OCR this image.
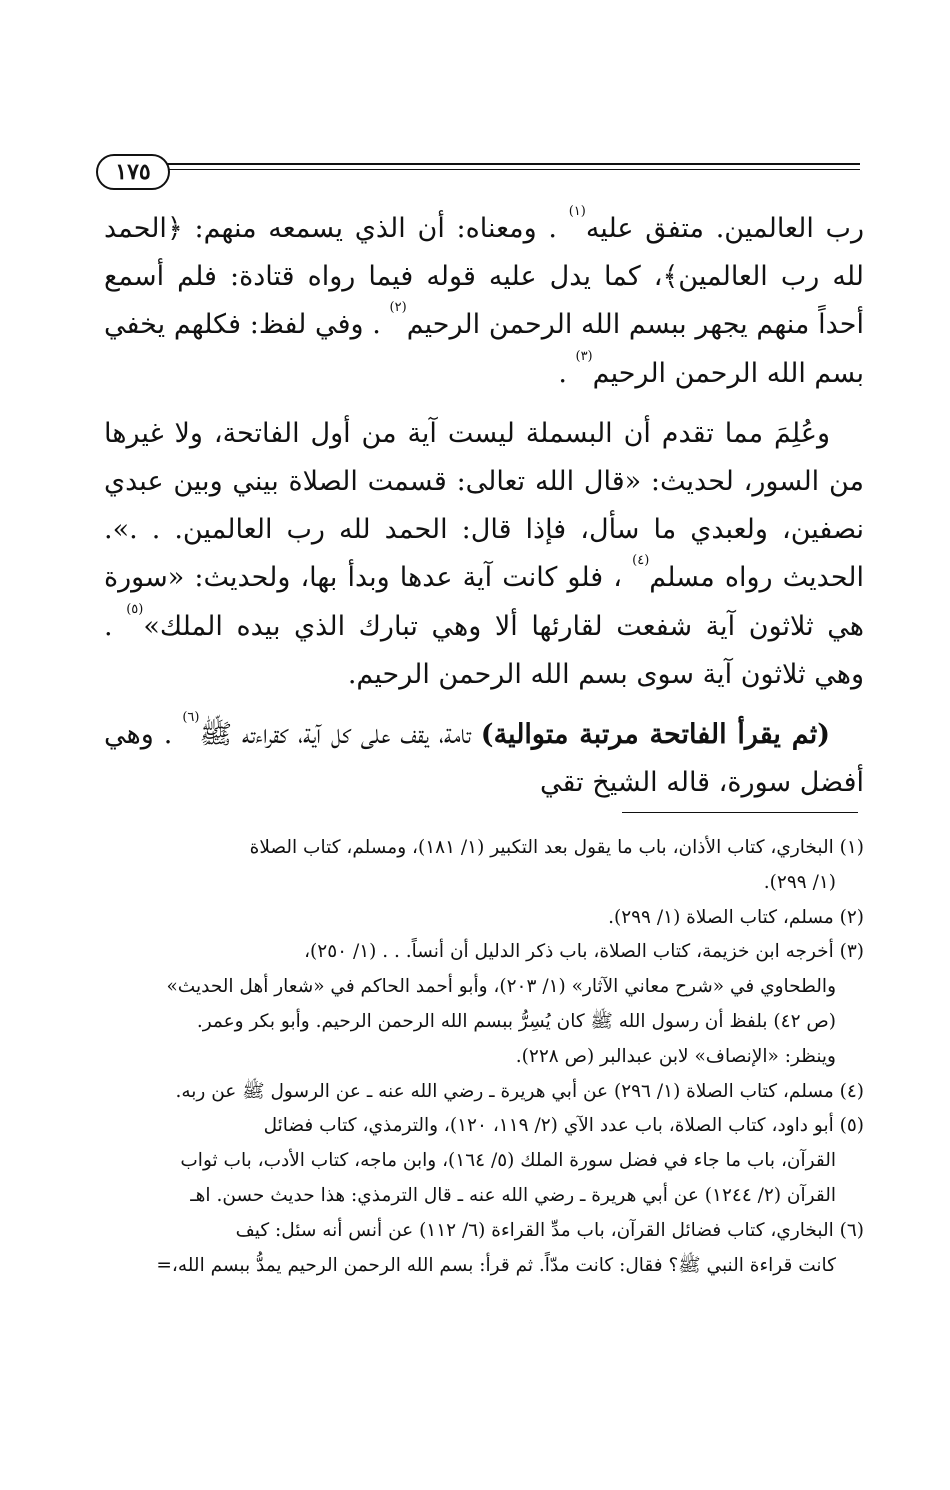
١٧٥

رب العالمين. متفق عليه$^{(١)}$ . ومعناه: أن الذي يسمعه منهم: ﴿الحمد لله رب العالمين﴾، كما يدل عليه قوله فيما رواه قتادة: فلم أسمع أحداً منهم يجهر ببسم الله الرحمن الرحيم$^{(٢)}$ . وفي لفظ: فكلهم يخفي بسم الله الرحمن الرحيم$^{(٣)}$ .

وعُلِمَ مما تقدم أن البسملة ليست آية من أول الفاتحة، ولا غيرها من السور، لحديث: «قال الله تعالى: قسمت الصلاة بيني وبين عبدي نصفين، ولعبدي ما سأل، فإذا قال: الحمد لله رب العالمين. . .». الحديث رواه مسلم$^{(٤)}$ ، فلو كانت آية عدها وبدأ بها، ولحديث: «سورة هي ثلاثون آية شفعت لقارئها ألا وهي تبارك الذي بيده الملك»$^{(٥)}$ . وهي ثلاثون آية سوى بسم الله الرحمن الرحيم.

(ثم يقرأ الفاتحة مرتبة متوالية) تامة، يقف على كل آية، كقراءته ﷺ$^{(٦)}$ . وهي أفضل سورة، قاله الشيخ تقي

(١) البخاري، كتاب الأذان، باب ما يقول بعد التكبير (١/ ١٨١)، ومسلم، كتاب الصلاة
(١/ ٢٩٩).

(٢) مسلم، كتاب الصلاة (١/ ٢٩٩).

(٣) أخرجه ابن خزيمة، كتاب الصلاة، باب ذكر الدليل أن أنساً. . . (١/ ٢٥٠)،
والطحاوي في «شرح معاني الآثار» (١/ ٢٠٣)، وأبو أحمد الحاكم في «شعار أهل الحديث»
(ص ٤٢) بلفظ أن رسول الله ﷺ كان يُسِرُّ ببسم الله الرحمن الرحيم. وأبو بكر وعمر.
وينظر: «الإنصاف» لابن عبدالبر (ص ٢٢٨).

(٤) مسلم، كتاب الصلاة (١/ ٢٩٦) عن أبي هريرة ـ رضي الله عنه ـ عن الرسول ﷺ عن ربه.

(٥) أبو داود، كتاب الصلاة، باب عدد الآي (٢/ ١١٩، ١٢٠)، والترمذي، كتاب فضائل
القرآن، باب ما جاء في فضل سورة الملك (٥/ ١٦٤)، وابن ماجه، كتاب الأدب، باب ثواب
القرآن (٢/ ١٢٤٤) عن أبي هريرة ـ رضي الله عنه ـ قال الترمذي: هذا حديث حسن. اهـ

(٦) البخاري، كتاب فضائل القرآن، باب مدِّ القراءة (٦/ ١١٢) عن أنس أنه سئل: كيف
كانت قراءة النبي ﷺ؟ فقال: كانت مدّاً. ثم قرأ: بسم الله الرحمن الرحيم يمدُّ ببسم الله،=
